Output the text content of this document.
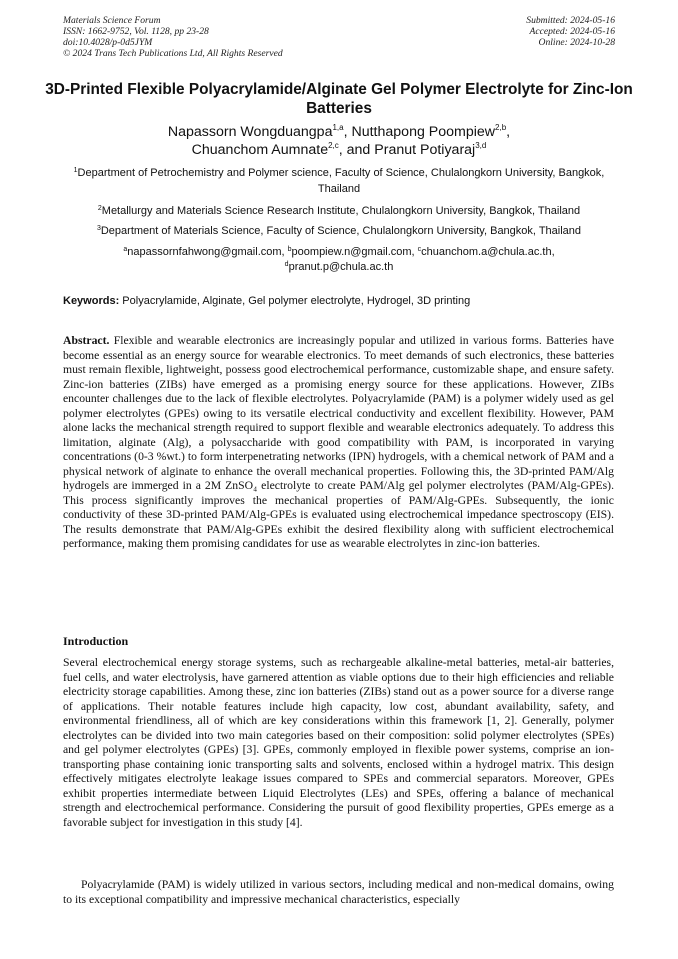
Materials Science Forum
ISSN: 1662-9752, Vol. 1128, pp 23-28
doi:10.4028/p-0d5JYM
© 2024 Trans Tech Publications Ltd, All Rights Reserved
Submitted: 2024-05-16
Accepted: 2024-05-16
Online: 2024-10-28
3D-Printed Flexible Polyacrylamide/Alginate Gel Polymer Electrolyte for Zinc-Ion Batteries
Napassorn Wongduangpa$^{1,a}$, Nutthapong Poompiew$^{2,b}$,
Chuanchom Aumnate$^{2,c}$, and Pranut Potiyaraj$^{3,d}$
$^1$Department of Petrochemistry and Polymer science, Faculty of Science, Chulalongkorn University, Bangkok, Thailand
$^2$Metallurgy and Materials Science Research Institute, Chulalongkorn University, Bangkok, Thailand
$^3$Department of Materials Science, Faculty of Science, Chulalongkorn University, Bangkok, Thailand
$^a$napassornfahwong@gmail.com, $^b$poompiew.n@gmail.com, $^c$chuanchom.a@chula.ac.th,
$^d$pranut.p@chula.ac.th
Keywords: Polyacrylamide, Alginate, Gel polymer electrolyte, Hydrogel, 3D printing
Abstract. Flexible and wearable electronics are increasingly popular and utilized in various forms. Batteries have become essential as an energy source for wearable electronics. To meet demands of such electronics, these batteries must remain flexible, lightweight, possess good electrochemical performance, customizable shape, and ensure safety. Zinc-ion batteries (ZIBs) have emerged as a promising energy source for these applications. However, ZIBs encounter challenges due to the lack of flexible electrolytes. Polyacrylamide (PAM) is a polymer widely used as gel polymer electrolytes (GPEs) owing to its versatile electrical conductivity and excellent flexibility. However, PAM alone lacks the mechanical strength required to support flexible and wearable electronics adequately. To address this limitation, alginate (Alg), a polysaccharide with good compatibility with PAM, is incorporated in varying concentrations (0-3 %wt.) to form interpenetrating networks (IPN) hydrogels, with a chemical network of PAM and a physical network of alginate to enhance the overall mechanical properties. Following this, the 3D-printed PAM/Alg hydrogels are immerged in a 2M ZnSO₄ electrolyte to create PAM/Alg gel polymer electrolytes (PAM/Alg-GPEs). This process significantly improves the mechanical properties of PAM/Alg-GPEs. Subsequently, the ionic conductivity of these 3D-printed PAM/Alg-GPEs is evaluated using electrochemical impedance spectroscopy (EIS). The results demonstrate that PAM/Alg-GPEs exhibit the desired flexibility along with sufficient electrochemical performance, making them promising candidates for use as wearable electrolytes in zinc-ion batteries.
Introduction
Several electrochemical energy storage systems, such as rechargeable alkaline-metal batteries, metal-air batteries, fuel cells, and water electrolysis, have garnered attention as viable options due to their high efficiencies and reliable electricity storage capabilities. Among these, zinc ion batteries (ZIBs) stand out as a power source for a diverse range of applications. Their notable features include high capacity, low cost, abundant availability, safety, and environmental friendliness, all of which are key considerations within this framework [1, 2]. Generally, polymer electrolytes can be divided into two main categories based on their composition: solid polymer electrolytes (SPEs) and gel polymer electrolytes (GPEs) [3]. GPEs, commonly employed in flexible power systems, comprise an ion-transporting phase containing ionic transporting salts and solvents, enclosed within a hydrogel matrix. This design effectively mitigates electrolyte leakage issues compared to SPEs and commercial separators. Moreover, GPEs exhibit properties intermediate between Liquid Electrolytes (LEs) and SPEs, offering a balance of mechanical strength and electrochemical performance. Considering the pursuit of good flexibility properties, GPEs emerge as a favorable subject for investigation in this study [4].
Polyacrylamide (PAM) is widely utilized in various sectors, including medical and non-medical domains, owing to its exceptional compatibility and impressive mechanical characteristics, especially
